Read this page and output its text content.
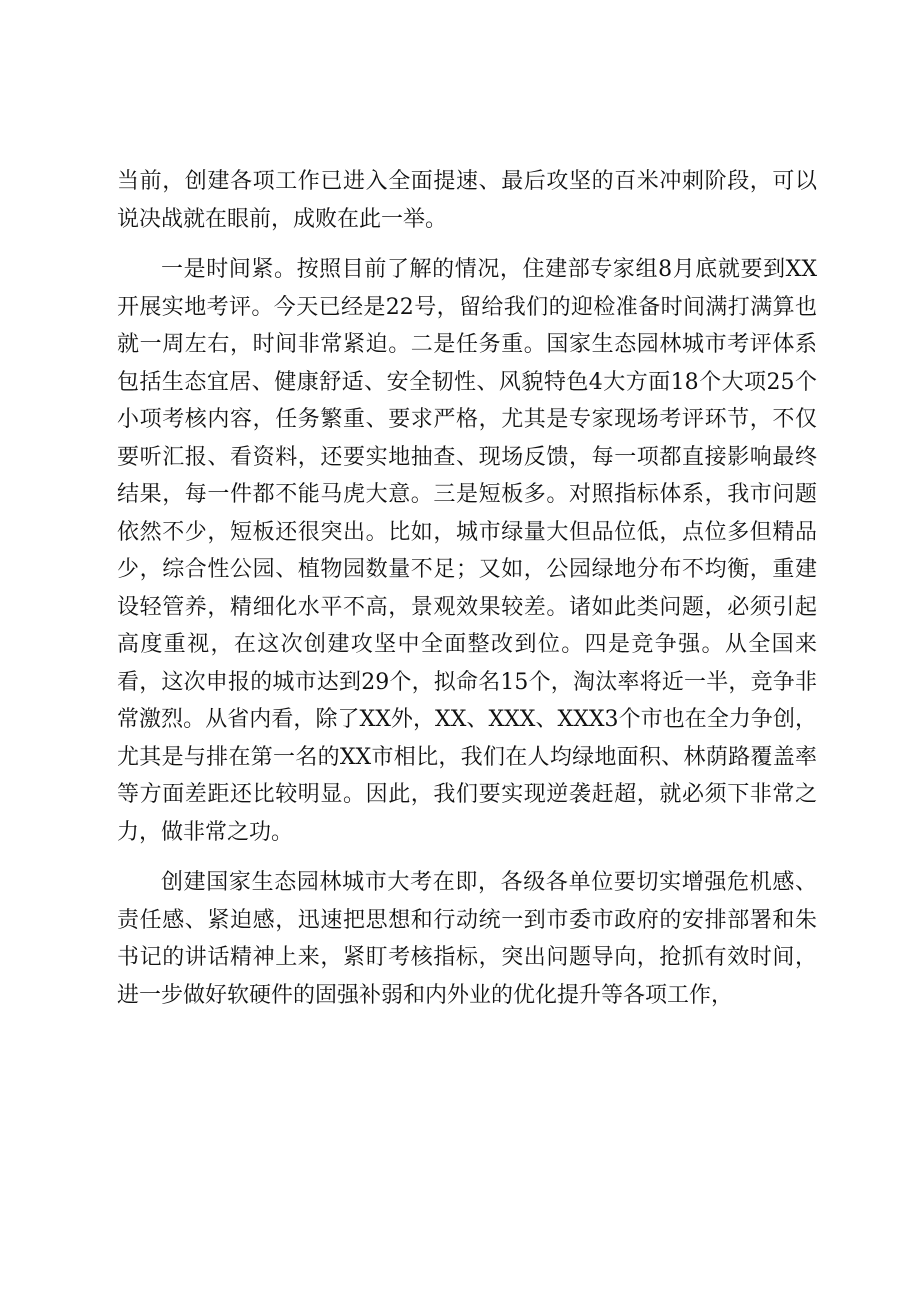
当前，创建各项工作已进入全面提速、最后攻坚的百米冲刺阶段，可以说决战就在眼前，成败在此一举。

一是时间紧。按照目前了解的情况，住建部专家组8月底就要到XX开展实地考评。今天已经是22号，留给我们的迎检准备时间满打满算也就一周左右，时间非常紧迫。二是任务重。国家生态园林城市考评体系包括生态宜居、健康舒适、安全韧性、风貌特色4大方面18个大项25个小项考核内容，任务繁重、要求严格，尤其是专家现场考评环节，不仅要听汇报、看资料，还要实地抽查、现场反馈，每一项都直接影响最终结果，每一件都不能马虎大意。三是短板多。对照指标体系，我市问题依然不少，短板还很突出。比如，城市绿量大但品位低，点位多但精品少，综合性公园、植物园数量不足；又如，公园绿地分布不均衡，重建设轻管养，精细化水平不高，景观效果较差。诸如此类问题，必须引起高度重视，在这次创建攻坚中全面整改到位。四是竞争强。从全国来看，这次申报的城市达到29个，拟命名15个，淘汰率将近一半，竞争非常激烈。从省内看，除了XX外，XX、XXX、XXX3个市也在全力争创，尤其是与排在第一名的XX市相比，我们在人均绿地面积、林荫路覆盖率等方面差距还比较明显。因此，我们要实现逆袭赶超，就必须下非常之力，做非常之功。

创建国家生态园林城市大考在即，各级各单位要切实增强危机感、责任感、紧迫感，迅速把思想和行动统一到市委市政府的安排部署和朱书记的讲话精神上来，紧盯考核指标，突出问题导向，抢抓有效时间，进一步做好软硬件的固强补弱和内外业的优化提升等各项工作，
